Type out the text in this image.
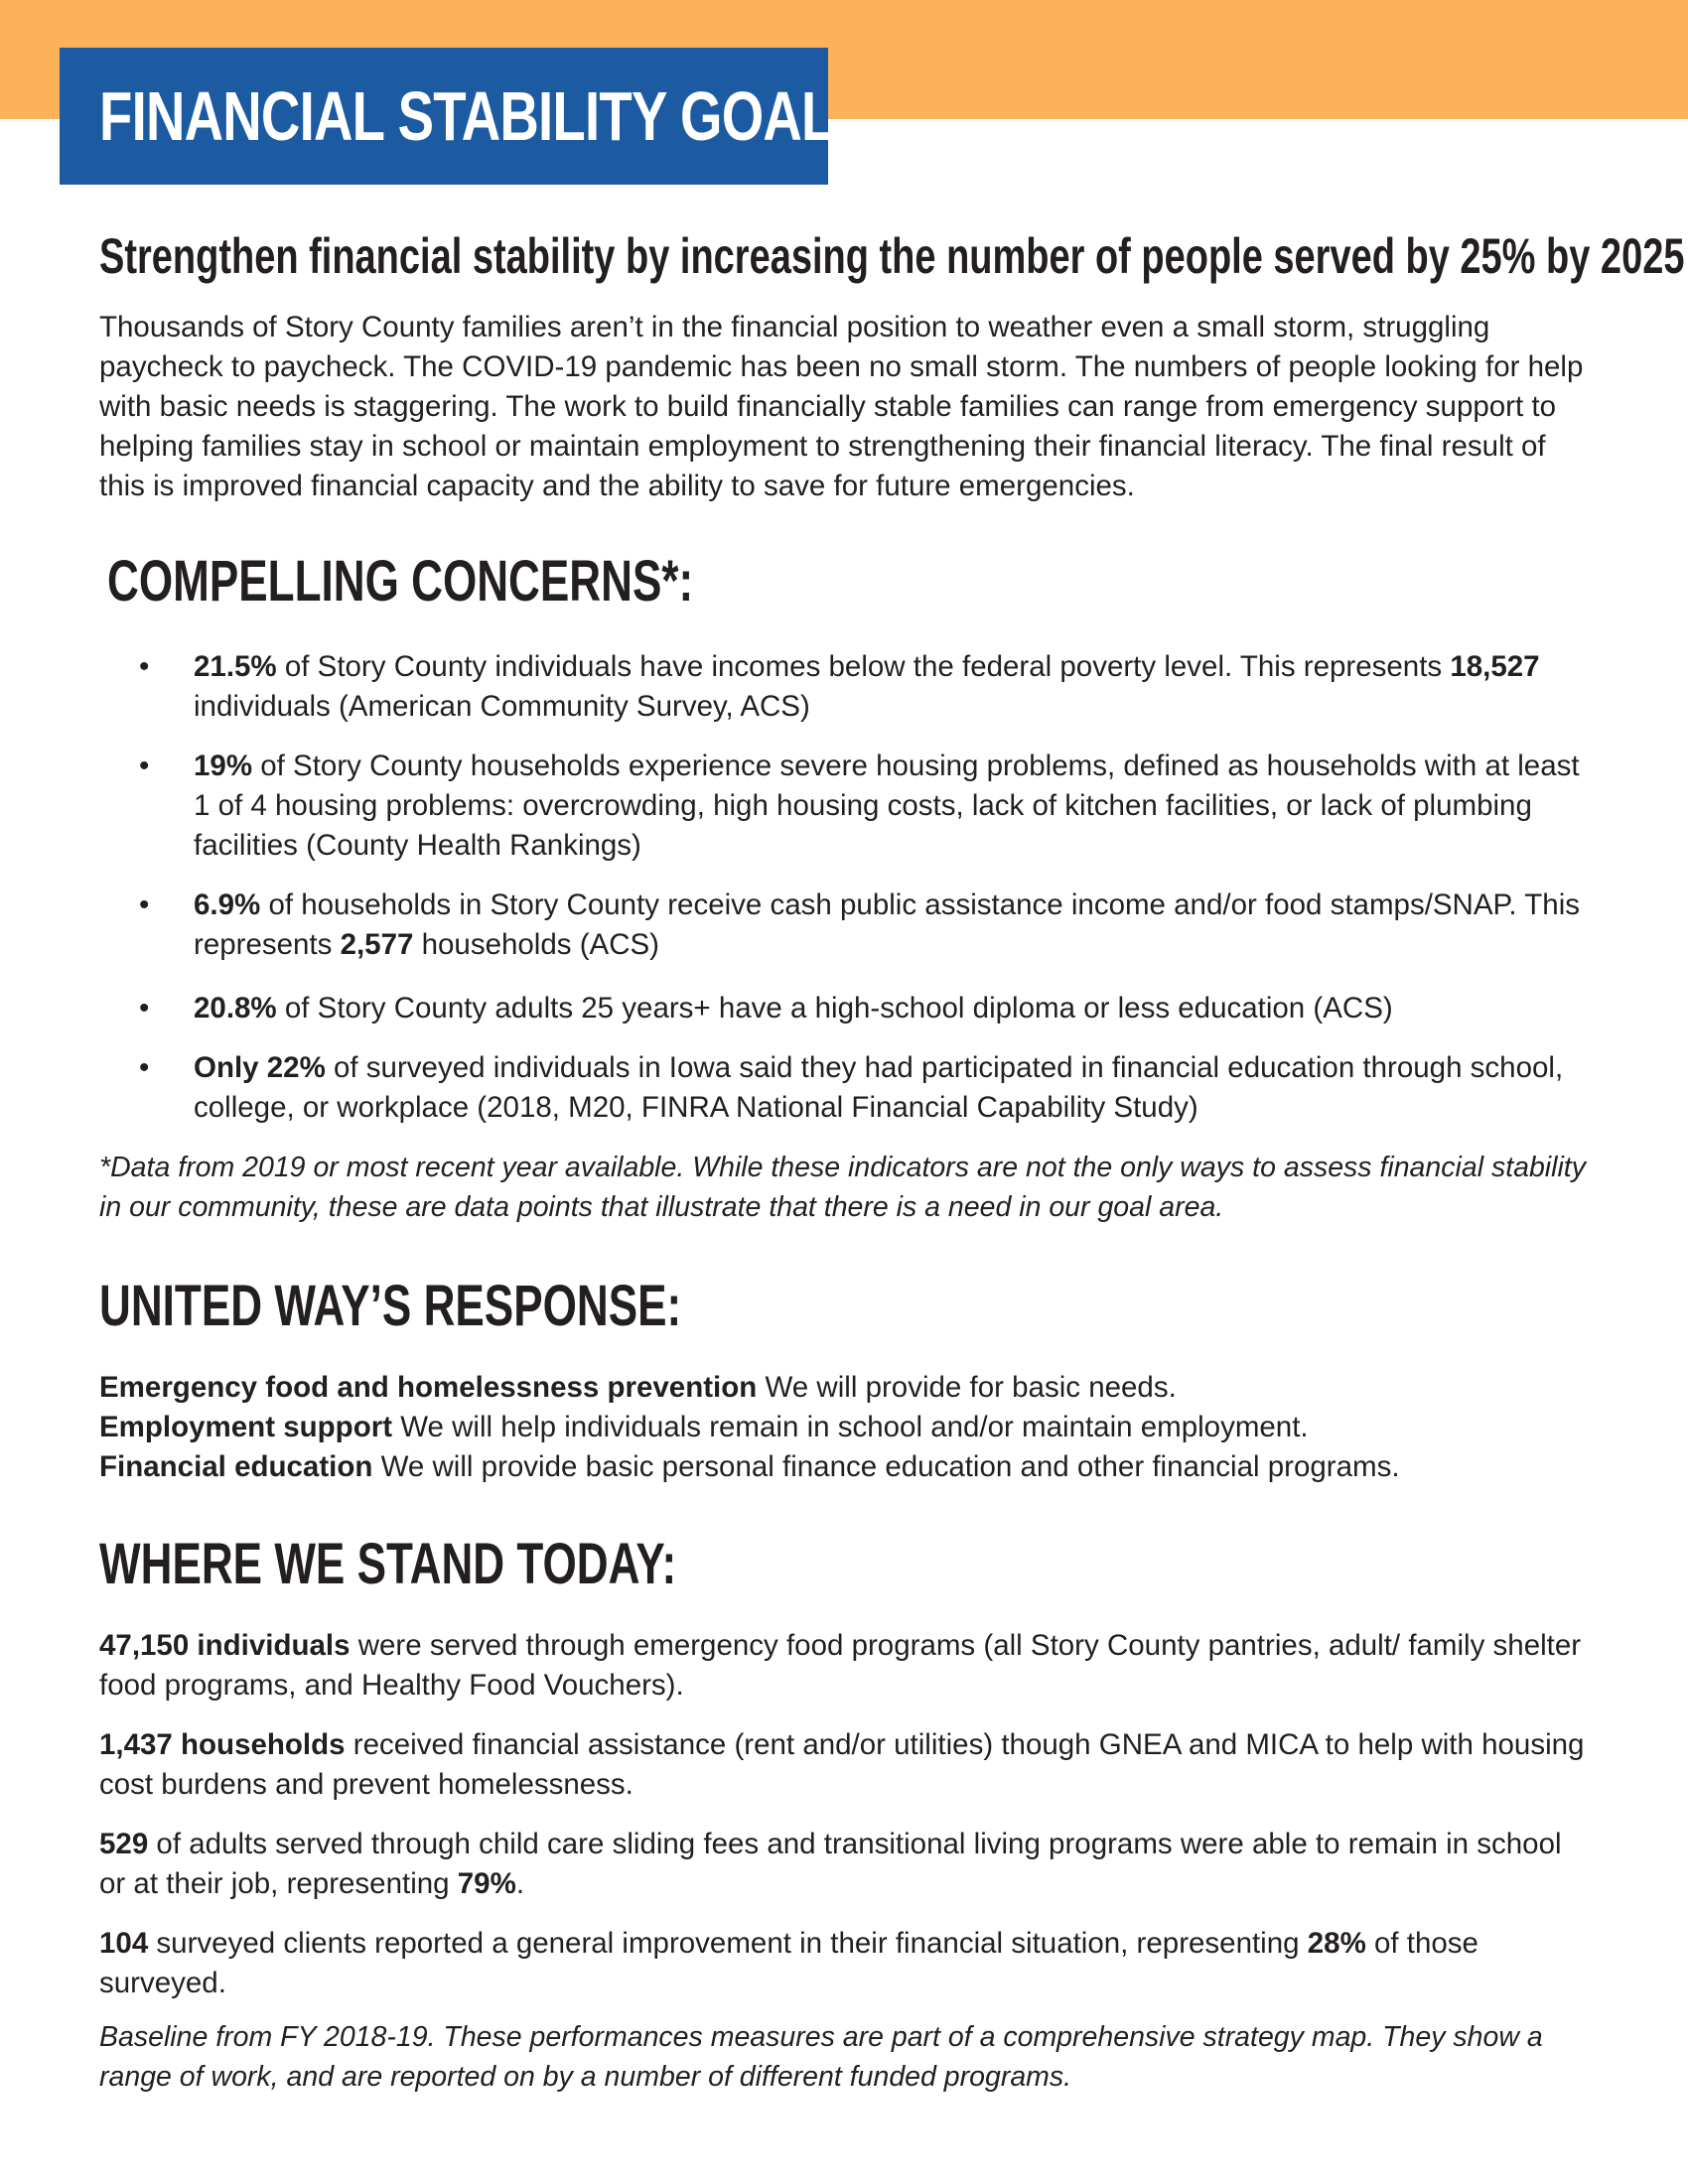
FINANCIAL STABILITY GOAL
Strengthen financial stability by increasing the number of people served by 25% by 2025

Thousands of Story County families aren’t in the financial position to weather even a small storm, struggling paycheck to paycheck. The COVID-19 pandemic has been no small storm. The numbers of people looking for help with basic needs is staggering. The work to build financially stable families can range from emergency support to helping families stay in school or maintain employment to strengthening their financial literacy. The final result of this is improved financial capacity and the ability to save for future emergencies.

COMPELLING CONCERNS*:
• 21.5% of Story County individuals have incomes below the federal poverty level. This represents 18,527 individuals (American Community Survey, ACS)
• 19% of Story County households experience severe housing problems, defined as households with at least 1 of 4 housing problems: overcrowding, high housing costs, lack of kitchen facilities, or lack of plumbing facilities (County Health Rankings)
• 6.9% of households in Story County receive cash public assistance income and/or food stamps/SNAP. This represents 2,577 households (ACS)
• 20.8% of Story County adults 25 years+ have a high-school diploma or less education (ACS)
• Only 22% of surveyed individuals in Iowa said they had participated in financial education through school, college, or workplace (2018, M20, FINRA National Financial Capability Study)

*Data from 2019 or most recent year available. While these indicators are not the only ways to assess financial stability in our community, these are data points that illustrate that there is a need in our goal area.

UNITED WAY’S RESPONSE:

Emergency food and homelessness prevention We will provide for basic needs.

Employment support We will help individuals remain in school and/or maintain employment.

Financial education We will provide basic personal finance education and other financial programs.

WHERE WE STAND TODAY:

47,150 individuals were served through emergency food programs (all Story County pantries, adult/ family shelter food programs, and Healthy Food Vouchers).

1,437 households received financial assistance (rent and/or utilities) though GNEA and MICA to help with housing cost burdens and prevent homelessness.

529 of adults served through child care sliding fees and transitional living programs were able to remain in school or at their job, representing 79%.

104 surveyed clients reported a general improvement in their financial situation, representing 28% of those surveyed.

Baseline from FY 2018-19. These performances measures are part of a comprehensive strategy map. They show a range of work, and are reported on by a number of different funded programs.
